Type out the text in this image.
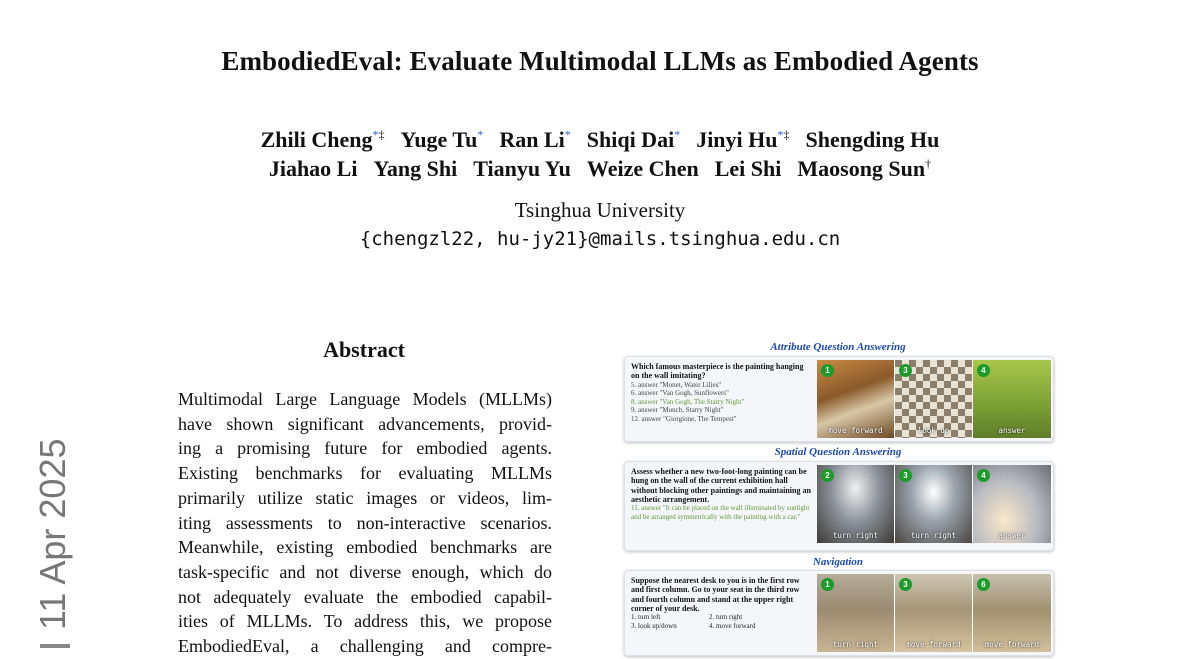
EmbodiedEval: Evaluate Multimodal LLMs as Embodied Agents
Zhili Cheng*‡ Yuge Tu* Ran Li* Shiqi Dai* Jinyi Hu*‡ Shengding Hu
Jiahao Li Yang Shi Tianyu Yu Weize Chen Lei Shi Maosong Sun†
Tsinghua University
{chengzl22, hu-jy21}@mails.tsinghua.edu.cn
11 Apr 2025
Abstract
Multimodal Large Language Models (MLLMs)
have shown significant advancements, provid-
ing a promising future for embodied agents.
Existing benchmarks for evaluating MLLMs
primarily utilize static images or videos, lim-
iting assessments to non-interactive scenarios.
Meanwhile, existing embodied benchmarks are
task-specific and not diverse enough, which do
not adequately evaluate the embodied capabil-
ities of MLLMs. To address this, we propose
EmbodiedEval, a challenging and compre-
Attribute Question Answering
Which famous masterpiece is the painting hanging on the wall imitating?
5. answer "Monet, Water Lilies"
6. answer "Van Gogh, Sunflowers"
8. answer "Van Gogh, The Starry Night"
9. answer "Munch, Starry Night"
12. answer "Giorgione, The Tempest"
1
move forward
3
look up
4
answer
Spatial Question Answering
Assess whether a new two-foot-long painting can be hung on the wall of the current exhibition hall without blocking other paintings and maintaining an aesthetic arrangement.
11. answer "It can be placed on the wall illuminated by sunlight and be arranged symmetrically with the painting with a car."
2
turn right
3
turn right
4
answer
Navigation
Suppose the nearest desk to you is in the first row and first column. Go to your seat in the third row and fourth column and stand at the upper right corner of your desk.
1. turn left	2. turn right
3. look up/down	4. move forward
1
turn right
3
move forward
6
move forward
